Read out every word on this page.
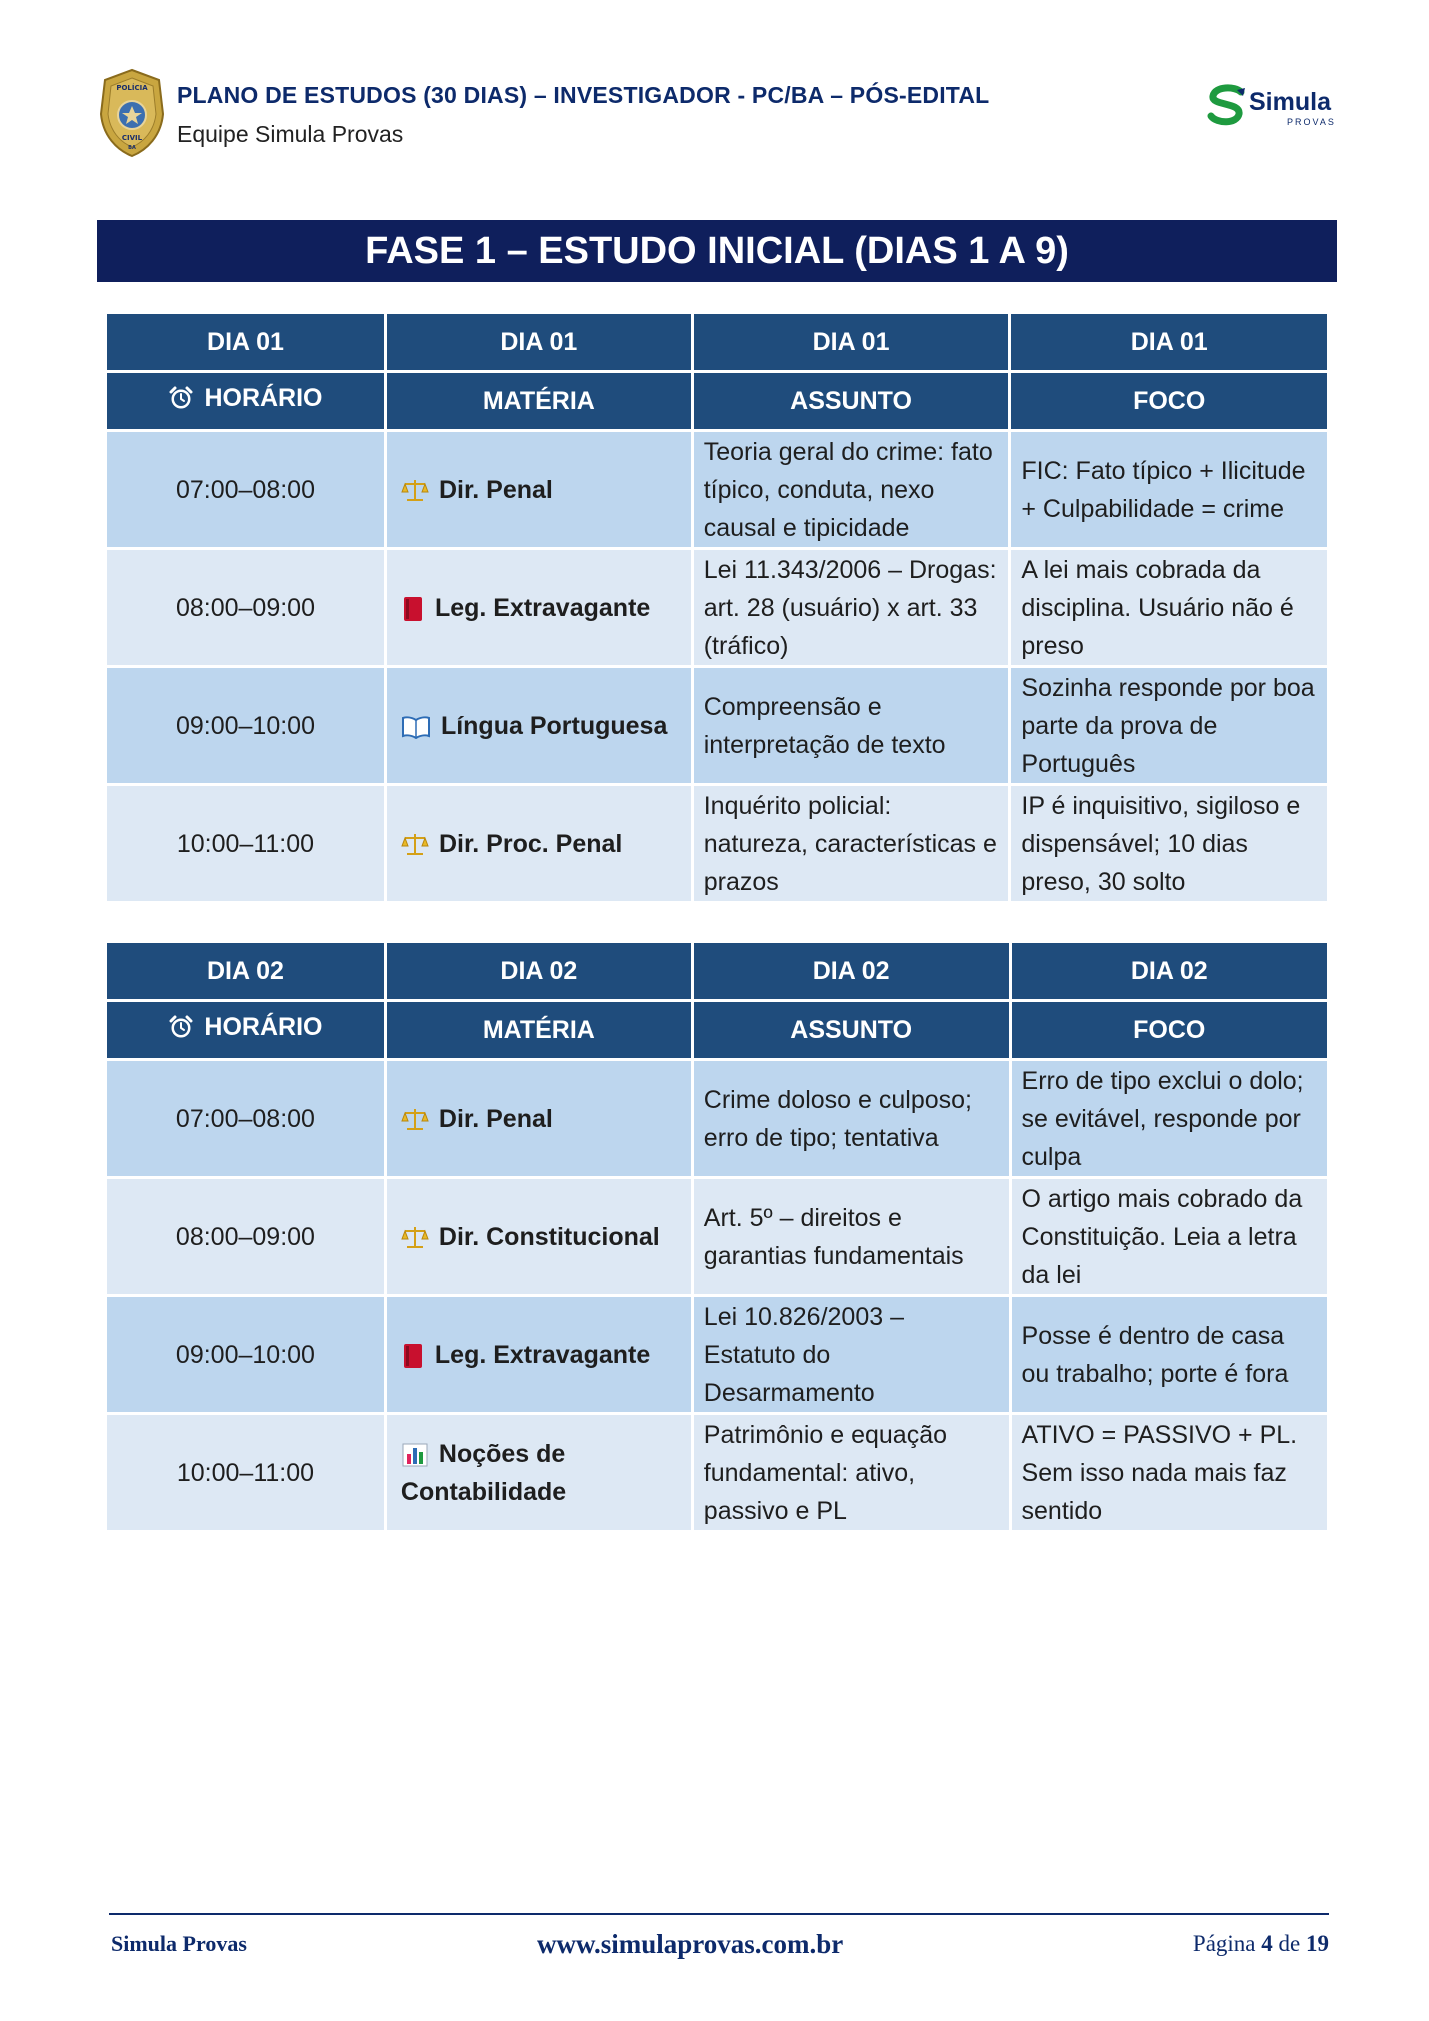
POLÍCIA
CIVIL
BA
PLANO DE ESTUDOS (30 DIAS) – INVESTIGADOR - PC/BA – PÓS-EDITAL
Equipe Simula Provas
Simula
PROVAS
FASE 1 – ESTUDO INICIAL (DIAS 1 A 9)
DIA 01	DIA 01	DIA 01	DIA 01

HORÁRIO	MATÉRIA	ASSUNTO	FOCO
07:00–08:00	Dir. Penal	Teoria geral do crime: fato típico, conduta, nexo causal e tipicidade	FIC: Fato típico + Ilicitude + Culpabilidade = crime
08:00–09:00	Leg. Extravagante	Lei 11.343/2006 – Drogas: art. 28 (usuário) x art. 33 (tráfico)	A lei mais cobrada da disciplina. Usuário não é preso
09:00–10:00	Língua Portuguesa	Compreensão e interpretação de texto	Sozinha responde por boa parte da prova de Português
10:00–11:00	Dir. Proc. Penal	Inquérito policial: natureza, características e prazos	IP é inquisitivo, sigiloso e dispensável; 10 dias preso, 30 solto
DIA 02	DIA 02	DIA 02	DIA 02

HORÁRIO	MATÉRIA	ASSUNTO	FOCO
07:00–08:00	Dir. Penal	Crime doloso e culposo; erro de tipo; tentativa	Erro de tipo exclui o dolo; se evitável, responde por culpa
08:00–09:00	Dir. Constitucional	Art. 5º – direitos e garantias fundamentais	O artigo mais cobrado da Constituição. Leia a letra da lei
09:00–10:00	Leg. Extravagante	Lei 10.826/2003 – Estatuto do Desarmamento	Posse é dentro de casa ou trabalho; porte é fora
10:00–11:00	Noções de Contabilidade	Patrimônio e equação fundamental: ativo, passivo e PL	ATIVO = PASSIVO + PL. Sem isso nada mais faz sentido
Simula Provas	www.simulaprovas.com.br	Página 4 de 19
